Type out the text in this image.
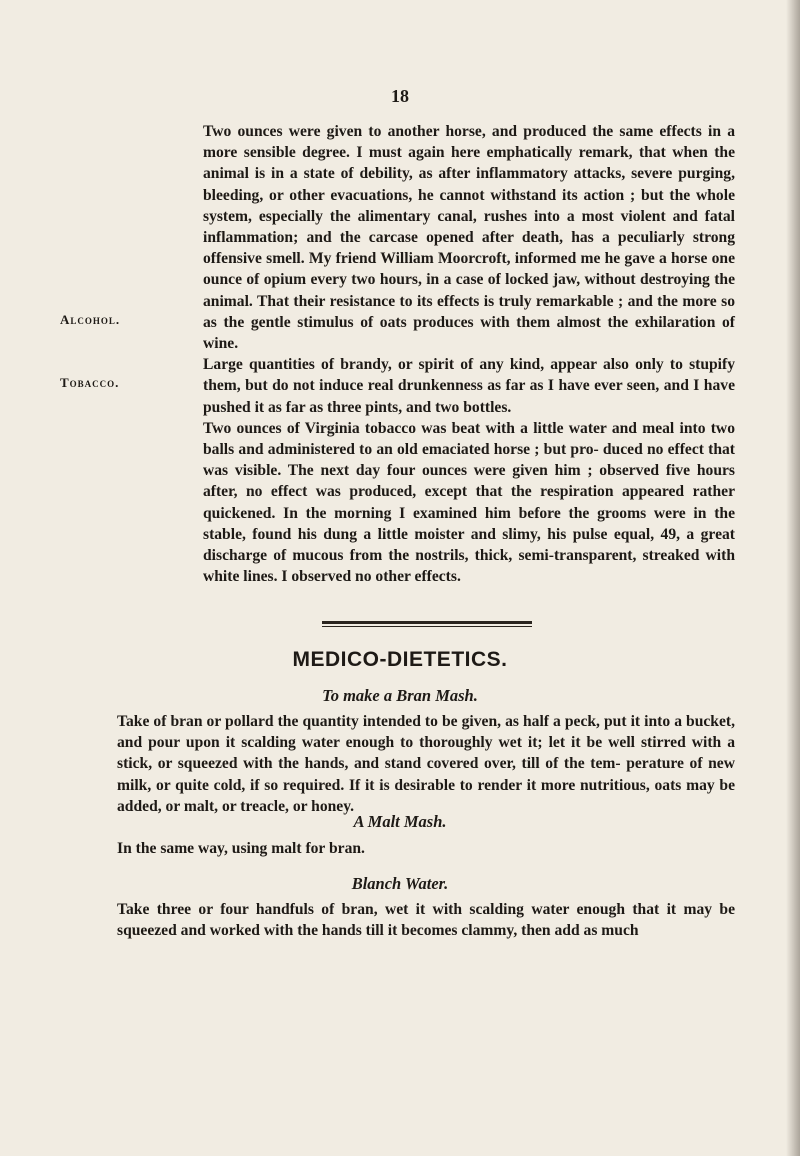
18

Two ounces were given to another horse, and produced the same effects in a more sensible degree. I must again here emphatically remark, that when the animal is in a state of debility, as after inflammatory attacks, severe purging, bleeding, or other evacuations, he cannot withstand its action ; but the whole system, especially the alimentary canal, rushes into a most violent and fatal inflammation; and the carcase opened after death, has a peculiarly strong offensive smell. My friend William Moorcroft, informed me he gave a horse one ounce of opium every two hours, in a case of locked jaw, without destroying the animal. That their resistance to its effects is truly remarkable ; and the more so as the gentle stimulus of oats produces with them almost the exhilaration of wine.

Large quantities of brandy, or spirit of any kind, appear also only to stupify them, but do not induce real drunkenness as far as I have ever seen, and I have pushed it as far as three pints, and two bottles.

Two ounces of Virginia tobacco was beat with a little water and meal into two balls and administered to an old emaciated horse ; but pro- duced no effect that was visible. The next day four ounces were given him ; observed five hours after, no effect was produced, except that the respiration appeared rather quickened. In the morning I examined him before the grooms were in the stable, found his dung a little moister and slimy, his pulse equal, 49, a great discharge of mucous from the nostrils, thick, semi-transparent, streaked with white lines. I observed no other effects.

Alcohol.
Tobacco.
MEDICO-DIETETICS.
To make a Bran Mash.

Take of bran or pollard the quantity intended to be given, as half a peck, put it into a bucket, and pour upon it scalding water enough to thoroughly wet it; let it be well stirred with a stick, or squeezed with the hands, and stand covered over, till of the tem- perature of new milk, or quite cold, if so required. If it is desirable to render it more nutritious, oats may be added, or malt, or treacle, or honey.

A Malt Mash.

In the same way, using malt for bran.

Blanch Water.

Take three or four handfuls of bran, wet it with scalding water enough that it may be squeezed and worked with the hands till it becomes clammy, then add as much
